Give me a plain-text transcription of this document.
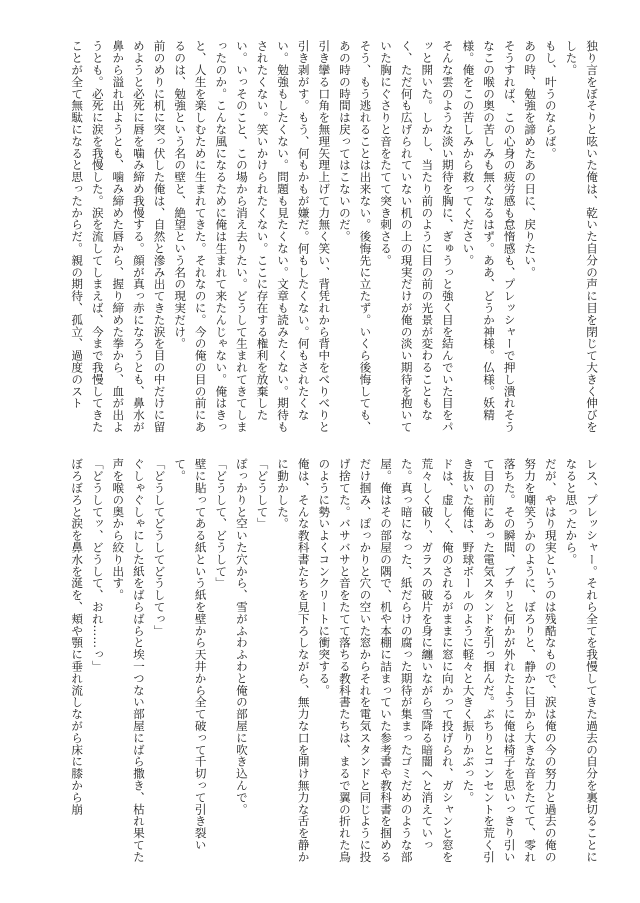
独り言をぼそりと呟いた俺は、乾いた自分の声に目を閉じて大きく伸びをした。

もし、叶うのならば。

あの時、勉強を諦めたあの日に、戻りたい。

そうすれば、この心身の疲労感も怠惰感も、プレッシャーで押し潰れそうなこの喉の奥の苦しみも無くなるはず。ああ、どうか神様。仏様。妖精様。俺をこの苦しみから救ってください。

そんな雲のような淡い期待を胸に、ぎゅうっと強く目を結んでいた目をパッと開いた。しかし、当たり前のように目の前の光景が変わることもなく、ただ何も広げられていない机の上の現実だけが俺の淡い期待を抱いていた胸にぐさりと音をたてて突き刺さる。

そう、もう逃れることは出来ない。後悔先に立たず。いくら後悔しても、あの時の時間は戻ってはこないのだ。

引き攣る口角を無理矢理上げて力無く笑い、背凭れから背中をべりべりと引き剥がす。もう、何もかもが嫌だ。何もしたくない。何もされたくない。勉強もしたくない。問題も見たくない。文章も読みたくない。期待もされたくない。笑いかけられたくない。ここに存在する権利を放棄したい。いっそのこと、この場から消え去りたい。どうして生まれてきてしまったのか。こんな風になるために俺は生まれて来たんじゃない。俺はきっと、人生を楽しむために生まれてきた。それなのに。今の俺の目の前にあるのは、勉強という名の壁と、絶望という名の現実だけ。

前のめりに机に突っ伏した俺は、自然と滲み出てきた涙を目の中だけに留めようと必死に唇を噛み締め我慢する。顔が真っ赤になろうとも、鼻水が鼻から溢れ出ようとも、噛み締めた唇から、握り締めた拳から、血が出ようとも。必死に涙を我慢した。涙を流してしまえば、今まで我慢してきたことが全て無駄になると思ったからだ。親の期待、孤立、過度のスト

レス、プレッシャー。それら全てを我慢してきた過去の自分を裏切ることになると思ったから。

だが、やはり現実というのは残酷なもので、涙は俺の今の努力と過去の俺の努力を嘲笑うかのように、ぼろりと、静かに目から大きな音をたてて、零れ落ちた。その瞬間、ブチリと何かが外れたように俺は椅子を思いっきり引いて目の前にあった電気スタンドを引っ掴んだ。ぶちりとコンセントを荒く引き抜いた俺は、野球ボールのように軽々と大きく振りかぶった。

ドは、虚しく、俺のされるがままに窓に向かって投げられ、ガシャンと窓を荒々しく破り、ガラスの破片を身に纏いながら雪降る暗闇へと消えていった。真っ暗になった、紙だらけの腐った期待が集まったゴミだめのような部屋。俺はその部屋の隅で、机や本棚に詰まっていた参考書や教科書を掴めるだけ掴み、ぽっかりと穴の空いた窓からそれを電気スタンドと同じように投げ捨てた。バサバサと音をたてて落ちる教科書たちは、まるで翼の折れた鳥のように勢いよくコンクリートに衝突する。

俺は、そんな教科書たちを見下ろしながら、無力な口を開け無力な舌を静かに動かした。

「どうして」

ぽっかりと空いた穴から、雪がふわふわと俺の部屋に吹き込んで。

「どうして、どうして」

壁に貼ってある紙という紙を壁から天井から全て破って千切って引き裂いて。

「どうしてどうしてどうしてっ」

ぐしゃぐしゃにした紙をばらばらと埃一つない部屋にばら撒き、枯れ果てた声を喉の奥から絞り出す。

「どうしてッ、どうして、おれ……っ」

ぼろぼろと涙を鼻水を涎を、頬や顎に垂れ流しながら床に膝から崩
